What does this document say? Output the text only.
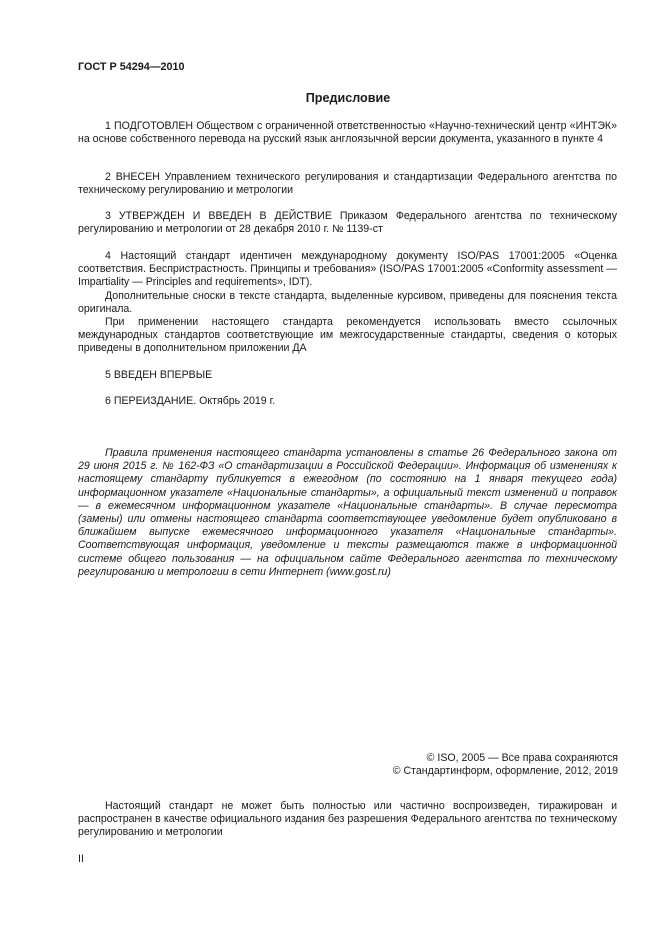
ГОСТ Р 54294—2010
Предисловие

1 ПОДГОТОВЛЕН Обществом с ограниченной ответственностью «Научно-технический центр «ИНТЭК» на основе собственного перевода на русский язык англоязычной версии документа, указанного в пункте 4

2 ВНЕСЕН Управлением технического регулирования и стандартизации Федерального агентства по техническому регулированию и метрологии

3 УТВЕРЖДЕН И ВВЕДЕН В ДЕЙСТВИЕ Приказом Федерального агентства по техническому регулированию и метрологии от 28 декабря 2010 г. № 1139-ст

4 Настоящий стандарт идентичен международному документу ISO/PAS 17001:2005 «Оценка соответствия. Беспристрастность. Принципы и требования» (ISO/PAS 17001:2005 «Conformity assessment — Impartiality — Principles and requirements», IDT).

Дополнительные сноски в тексте стандарта, выделенные курсивом, приведены для пояснения текста оригинала.

При применении настоящего стандарта рекомендуется использовать вместо ссылочных международных стандартов соответствующие им межгосударственные стандарты, сведения о которых приведены в дополнительном приложении ДА

5 ВВЕДЕН ВПЕРВЫЕ

6 ПЕРЕИЗДАНИЕ. Октябрь 2019 г.

Правила применения настоящего стандарта установлены в статье 26 Федерального закона от 29 июня 2015 г. № 162-ФЗ «О стандартизации в Российской Федерации». Информация об изменениях к настоящему стандарту публикуется в ежегодном (по состоянию на 1 января текущего года) информационном указателе «Национальные стандарты», а официальный текст изменений и поправок — в ежемесячном информационном указателе «Национальные стандарты». В случае пересмотра (замены) или отмены настоящего стандарта соответствующее уведомление будет опубликовано в ближайшем выпуске ежемесячного информационного указателя «Национальные стандарты». Соответствующая информация, уведомление и тексты размещаются также в информационной системе общего пользования — на официальном сайте Федерального агентства по техническому регулированию и метрологии в сети Интернет (www.gost.ru)

© ISO, 2005 — Все права сохраняются
© Стандартинформ, оформление, 2012, 2019

Настоящий стандарт не может быть полностью или частично воспроизведен, тиражирован и распространен в качестве официального издания без разрешения Федерального агентства по техническому регулированию и метрологии

II
